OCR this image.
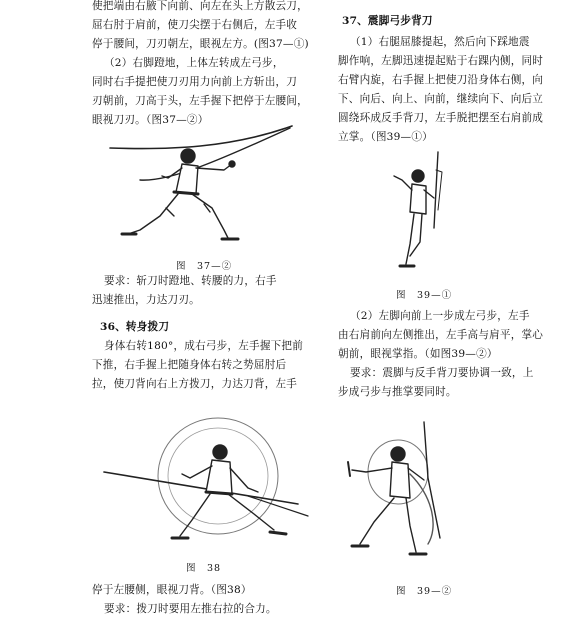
使把端由右腋下向前、向左在头上方散云刀，
屈右肘于肩前，使刀尖摆于右侧后，左手收
停于腰间，刀刃朝左，眼视左方。(图37—①)
（2）右脚蹬地，上体左转成左弓步，
同时右手提把使刀刃用力向前上方斩出，刀
刃朝前，刀高于头，左手握下把停于左腰间，
眼视刀刃。（图37—②）
图　37—②
要求：斩刀时蹬地、转腰的力，右手
迅速推出，力达刀刃。
36、转身拨刀
身体右转180°，成右弓步，左手握下把前
下推，右手握上把随身体右转之势屈肘后
拉，使刀背向右上方拨刀，力达刀背，左手
图　38
停于左腰侧，眼视刀背。（图38）
要求：拨刀时要用左推右拉的合力。
37、震脚弓步背刀
（1）右腿屈膝提起，然后向下踩地震
脚作响，左脚迅速提起贴于右踝内侧，同时
右臂内旋，右手握上把使刀沿身体右侧，向
下、向后、向上、向前，继续向下、向后立
圆绕环成反手背刀，左手脱把摆至右肩前成
立掌。（图39—①）
图　39—①
（2）左脚向前上一步成左弓步，左手
由右肩前向左侧推出，左手高与肩平，掌心
朝前，眼视掌指。（如图39—②）
要求：震脚与反手背刀要协调一致，上
步成弓步与推掌要同时。
图　39—②
